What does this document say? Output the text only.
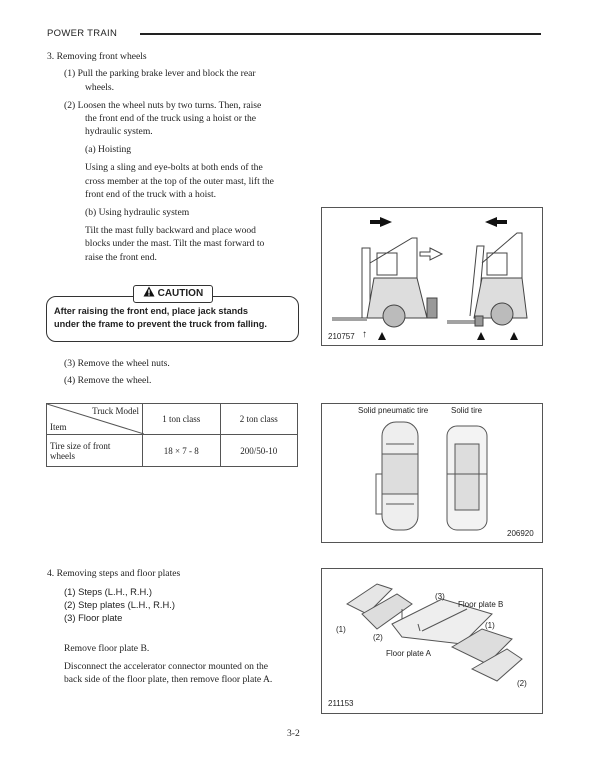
POWER TRAIN
3. Removing front wheels
(1) Pull the parking brake lever and block the rear
wheels.
(2) Loosen the wheel nuts by two turns. Then, raise
the front end of the truck using a hoist or the
hydraulic system.
(a) Hoisting
Using a sling and eye-bolts at both ends of the
cross member at the top of the outer mast, lift the
front end of the truck with a hoist.
(b) Using hydraulic system
Tilt the mast fully backward and place wood
blocks under the mast. Tilt the mast forward to
raise the front end.
CAUTION
After raising the front end, place jack stands
under the frame to prevent the truck from falling.
(3) Remove the wheel nuts.
(4) Remove the wheel.
210757 ↑
Truck Model
Item	1 ton class	2 ton class

Tire size of front
wheels	18 × 7 - 8	200/50-10
Solid pneumatic tire	Solid tire
206920
4. Removing steps and floor plates
(1) Steps (L.H., R.H.)
(2) Step plates (L.H., R.H.)
(3) Floor plate
Remove floor plate B.
Disconnect the accelerator connector mounted on the
back side of the floor plate, then remove floor plate A.
(1)
(2)
(3)
Floor plate B
(1)
Floor plate A
(2)
211153
3-2
